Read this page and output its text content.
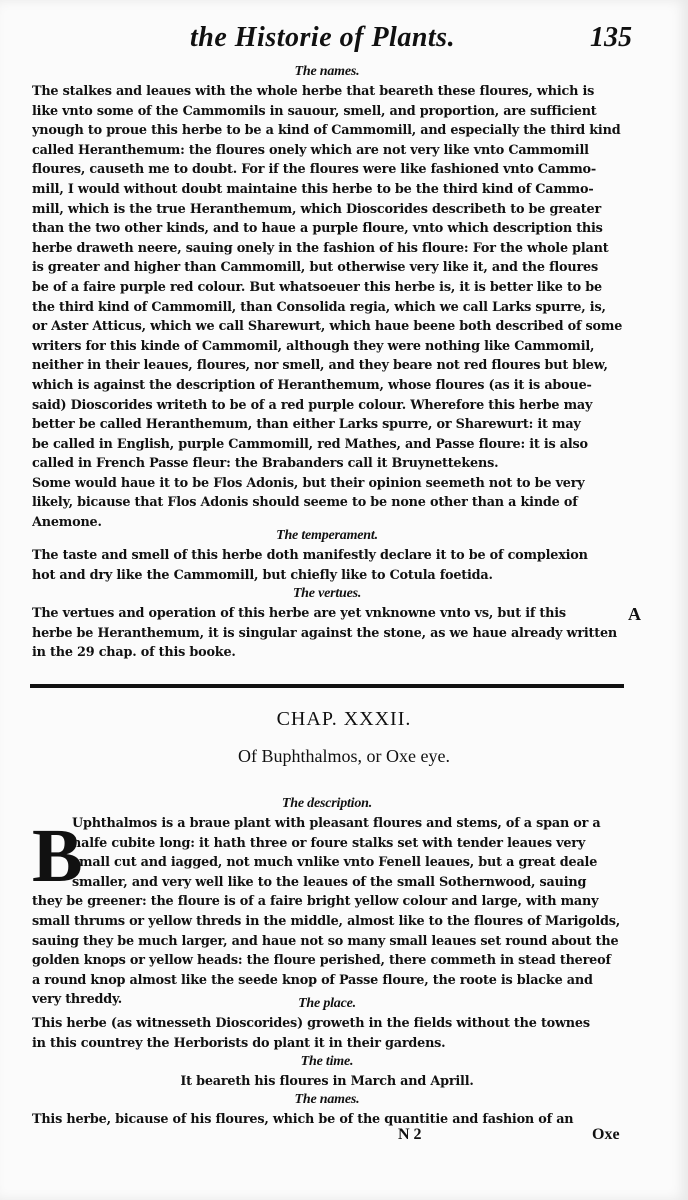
the Historie of Plants.	135
The names.
The stalkes and leaues with the whole herbe that beareth these floures, which is
like vnto some of the Cammomils in sauour, smell, and proportion, are sufficient
ynough to proue this herbe to be a kind of Cammomill, and especially the third kind
called Heranthemum: the floures onely which are not very like vnto Cammomill
floures, causeth me to doubt. For if the floures were like fashioned vnto Cammo-
mill, I would without doubt maintaine this herbe to be the third kind of Cammo-
mill, which is the true Heranthemum, which Dioscorides describeth to be greater
than the two other kinds, and to haue a purple floure, vnto which description this
herbe draweth neere, sauing onely in the fashion of his floure: For the whole plant
is greater and higher than Cammomill, but otherwise very like it, and the floures
be of a faire purple red colour. But whatsoeuer this herbe is, it is better like to be
the third kind of Cammomill, than Consolida regia, which we call Larks spurre, is,
or Aster Atticus, which we call Sharewurt, which haue beene both described of some
writers for this kinde of Cammomil, although they were nothing like Cammomil,
neither in their leaues, floures, nor smell, and they beare not red floures but blew,
which is against the description of Heranthemum, whose floures (as it is aboue-
said) Dioscorides writeth to be of a red purple colour. Wherefore this herbe may
better be called Heranthemum, than either Larks spurre, or Sharewurt: it may
be called in English, purple Cammomill, red Mathes, and Passe floure: it is also
called in French Passe fleur: the Brabanders call it Bruynettekens.
Some would haue it to be Flos Adonis, but their opinion seemeth not to be very
likely, bicause that Flos Adonis should seeme to be none other than a kinde of
Anemone.
The temperament.
The taste and smell of this herbe doth manifestly declare it to be of complexion
hot and dry like the Cammomill, but chiefly like to Cotula foetida.
The vertues.
The vertues and operation of this herbe are yet vnknowne vnto vs, but if this
herbe be Heranthemum, it is singular against the stone, as we haue already written
in the 29 chap. of this booke.
A
CHAP. XXXII.
Of Buphthalmos, or Oxe eye.
The description.
Uphthalmos is a braue plant with pleasant floures and stems, of a span or a
halfe cubite long: it hath three or foure stalks set with tender leaues very
small cut and iagged, not much vnlike vnto Fenell leaues, but a great deale
smaller, and very well like to the leaues of the small Sothernwood, sauing
they be greener: the floure is of a faire bright yellow colour and large, with many
small thrums or yellow threds in the middle, almost like to the floures of Marigolds,
sauing they be much larger, and haue not so many small leaues set round about the
golden knops or yellow heads: the floure perished, there commeth in stead thereof
a round knop almost like the seede knop of Passe floure, the roote is blacke and
very threddy.
B
The place.
This herbe (as witnesseth Dioscorides) groweth in the fields without the townes
in this countrey the Herborists do plant it in their gardens.
The time.
It beareth his floures in March and Aprill.
The names.
This herbe, bicause of his floures, which be of the quantitie and fashion of an
N 2	Oxe
